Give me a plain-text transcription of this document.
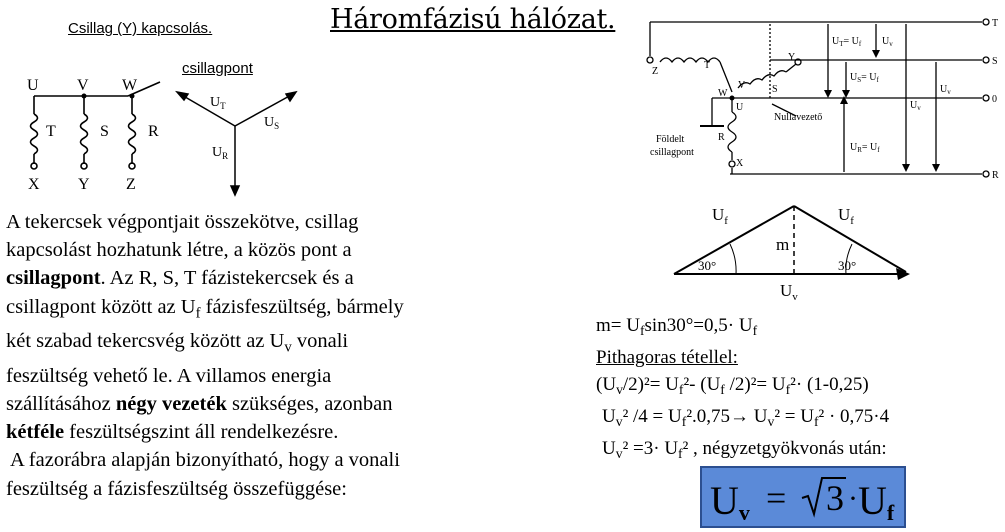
Háromfázisú hálózat.
Csillag (Y) kapcsolás.
csillagpont
U V W
T	S R
X Y Z
$U_T$
$U_S$
$U_R$
T
S
0
R
$U_T= U_f$ $U_v$
$U_S= U_f$
$U_v$
$U_v$
$U_R= U_f$
Nullavezető
Földelt
csillagpont
Z
T
V
Y
S
W
U
R
X
$U_f$	$U_f$
m
$U_v$
30°	30°
A tekercsek végpontjait összekötve, csillag
kapcsolást hozhatunk létre, a közös pont a
csillagpont. Az R, S, T fázistekercsek és a
csillagpont között az $U_f$ fázisfeszültség, bármely
két szabad tekercsvég között az $U_v$ vonali
feszültség vehető le. A villamos energia
szállításához négy vezeték szükséges, azonban
kétféle feszültségszint áll rendelkezésre.
A fazorábra alapján bizonyítható, hogy a vonali
feszültség a fázisfeszültség összefüggése:
$m= U_f\sin 30^\circ=0,5\cdot U_f$
Pithagoras tétellel:
$(U_v/2)^2= U_f^2-$ ($U_f$ $/2)^2= U_f^2\cdot (1-0,25)$
$U_v^2$ $/4 = U_f^2.0,75\to U_v^2 = U_f^2 \cdot 0,75\cdot 4$
$U_v^2 =3\cdot U_f^2$ , négyzetgyökvonás után:
Uv = 3 · Uf
